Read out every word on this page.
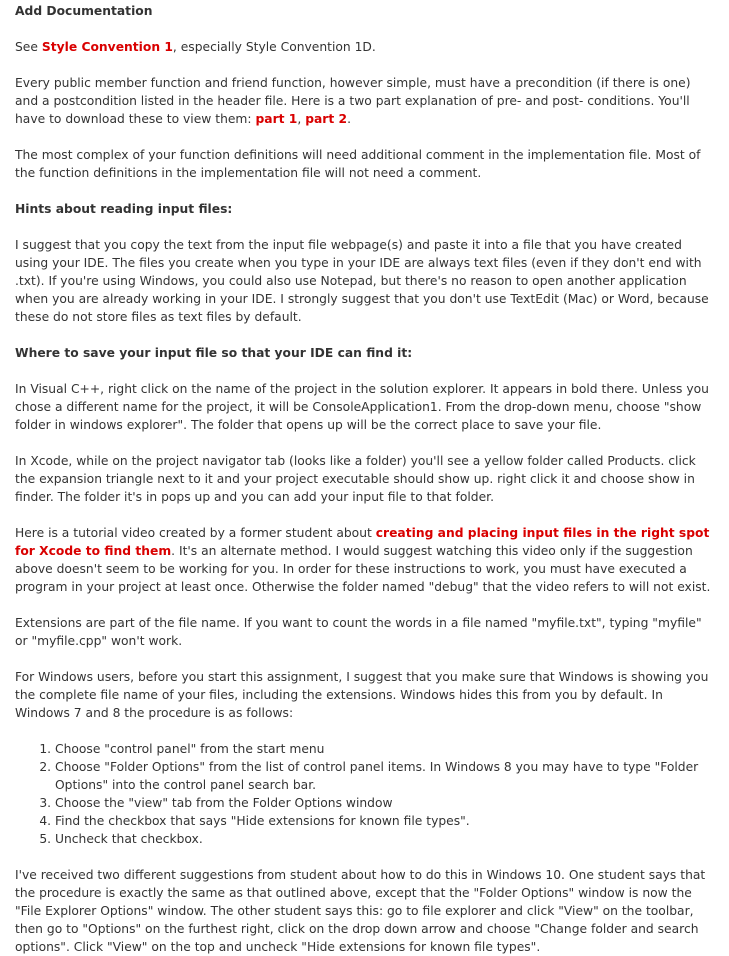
Add Documentation

See Style Convention 1, especially Style Convention 1D.

Every public member function and friend function, however simple, must have a precondition (if there is one) and a postcondition listed in the header file. Here is a two part explanation of pre- and post- conditions. You'll have to download these to view them: part 1, part 2.

The most complex of your function definitions will need additional comment in the implementation file. Most of the function definitions in the implementation file will not need a comment.

Hints about reading input files:

I suggest that you copy the text from the input file webpage(s) and paste it into a file that you have created using your IDE. The files you create when you type in your IDE are always text files (even if they don't end with .txt). If you're using Windows, you could also use Notepad, but there's no reason to open another application when you are already working in your IDE. I strongly suggest that you don't use TextEdit (Mac) or Word, because these do not store files as text files by default.

Where to save your input file so that your IDE can find it:

In Visual C++, right click on the name of the project in the solution explorer. It appears in bold there. Unless you chose a different name for the project, it will be ConsoleApplication1. From the drop-down menu, choose "show folder in windows explorer". The folder that opens up will be the correct place to save your file.

In Xcode, while on the project navigator tab (looks like a folder) you'll see a yellow folder called Products. click the expansion triangle next to it and your project executable should show up. right click it and choose show in finder. The folder it's in pops up and you can add your input file to that folder.

Here is a tutorial video created by a former student about creating and placing input files in the right spot for Xcode to find them. It's an alternate method. I would suggest watching this video only if the suggestion above doesn't seem to be working for you. In order for these instructions to work, you must have executed a program in your project at least once. Otherwise the folder named "debug" that the video refers to will not exist.

Extensions are part of the file name. If you want to count the words in a file named "myfile.txt", typing "myfile" or "myfile.cpp" won't work.

For Windows users, before you start this assignment, I suggest that you make sure that Windows is showing you the complete file name of your files, including the extensions. Windows hides this from you by default. In Windows 7 and 8 the procedure is as follows:

1. Choose "control panel" from the start menu
2. Choose "Folder Options" from the list of control panel items. In Windows 8 you may have to type "Folder Options" into the control panel search bar.
3. Choose the "view" tab from the Folder Options window
4. Find the checkbox that says "Hide extensions for known file types".
5. Uncheck that checkbox.

I've received two different suggestions from student about how to do this in Windows 10. One student says that the procedure is exactly the same as that outlined above, except that the "Folder Options" window is now the "File Explorer Options" window. The other student says this: go to file explorer and click "View" on the toolbar, then go to "Options" on the furthest right, click on the drop down arrow and choose "Change folder and search options". Click "View" on the top and uncheck "Hide extensions for known file types".
